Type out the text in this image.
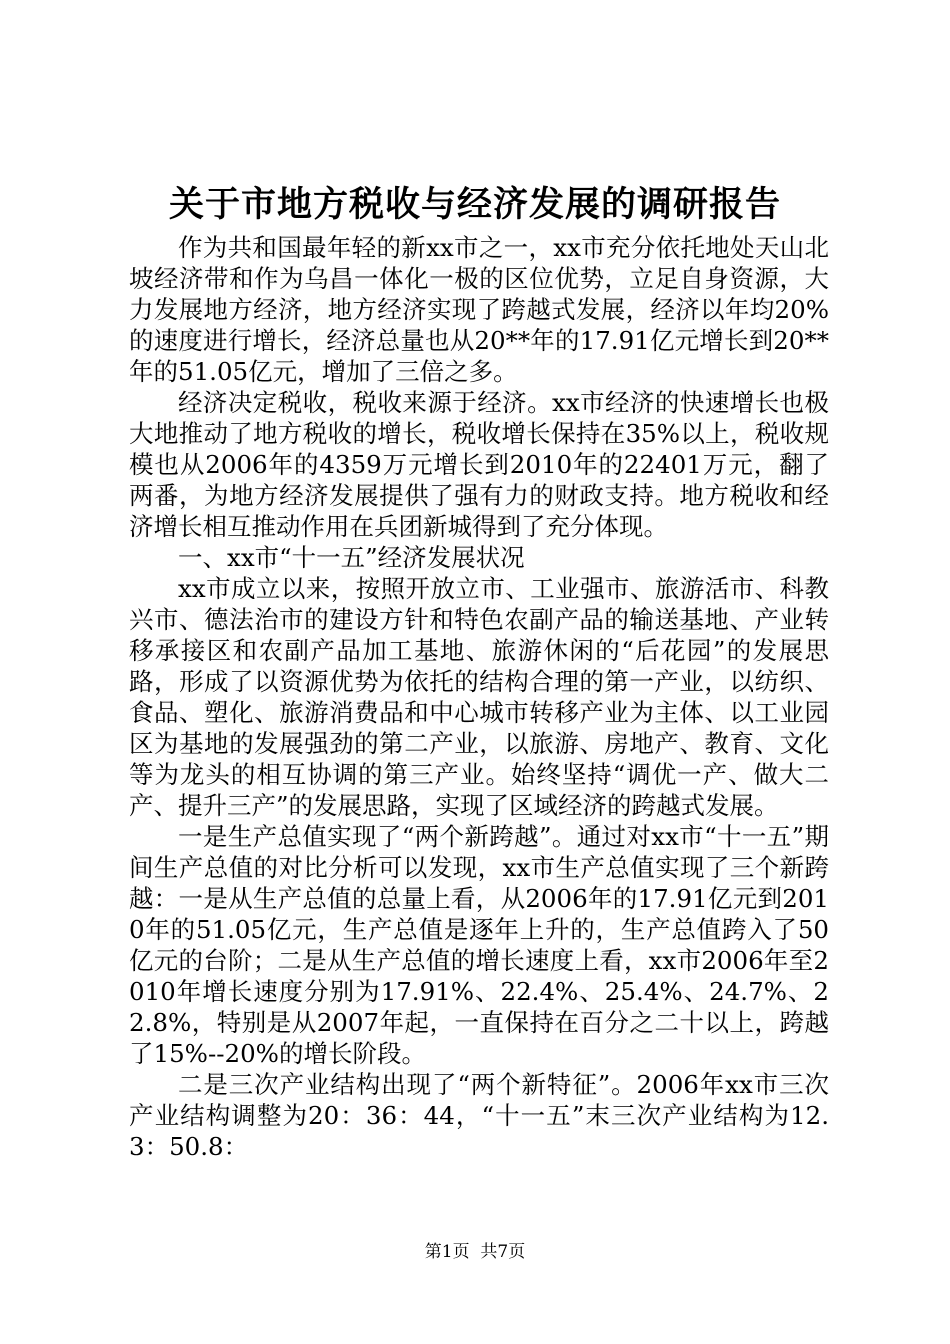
关于市地方税收与经济发展的调研报告

作为共和国最年轻的新xx市之一，xx市充分依托地处天山北坡经济带和作为乌昌一体化一极的区位优势，立足自身资源，大力发展地方经济，地方经济实现了跨越式发展，经济以年均20%的速度进行增长，经济总量也从20**年的17.91亿元增长到20**年的51.05亿元，增加了三倍之多。

经济决定税收，税收来源于经济。xx市经济的快速增长也极大地推动了地方税收的增长，税收增长保持在35%以上，税收规模也从2006年的4359万元增长到2010年的22401万元，翻了两番，为地方经济发展提供了强有力的财政支持。地方税收和经济增长相互推动作用在兵团新城得到了充分体现。

一、xx市“十一五”经济发展状况

xx市成立以来，按照开放立市、工业强市、旅游活市、科教兴市、德法治市的建设方针和特色农副产品的输送基地、产业转移承接区和农副产品加工基地、旅游休闲的“后花园”的发展思路，形成了以资源优势为依托的结构合理的第一产业，以纺织、食品、塑化、旅游消费品和中心城市转移产业为主体、以工业园区为基地的发展强劲的第二产业，以旅游、房地产、教育、文化等为龙头的相互协调的第三产业。始终坚持“调优一产、做大二产、提升三产”的发展思路，实现了区域经济的跨越式发展。

一是生产总值实现了“两个新跨越”。通过对xx市“十一五”期间生产总值的对比分析可以发现，xx市生产总值实现了三个新跨越：一是从生产总值的总量上看，从2006年的17.91亿元到2010年的51.05亿元，生产总值是逐年上升的，生产总值跨入了50亿元的台阶；二是从生产总值的增长速度上看，xx市2006年至2010年增长速度分别为17.91%、22.4%、25.4%、24.7%、22.8%，特别是从2007年起，一直保持在百分之二十以上，跨越了15%--20%的增长阶段。

二是三次产业结构出现了“两个新特征”。2006年xx市三次产业结构调整为20：36：44，“十一五”末三次产业结构为12.3：50.8：

第1页  共7页
